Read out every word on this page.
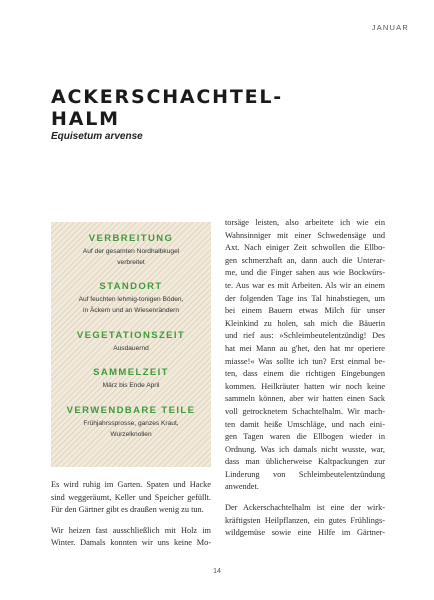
JANUAR
ACKERSCHACHTEL-
HALM
Equisetum arvense
VERBREITUNG
Auf der gesamten Nordhalbkugel
verbreitet
STANDORT
Auf feuchten lehmig-tonigen Böden,
in Äckern und an Wiesenrändern
VEGETATIONSZEIT
Ausdauernd
SAMMELZEIT
März bis Ende April
VERWENDBARE TEILE
Frühjahrssprosse, ganzes Kraut,
Wurzelknollen

Es wird ruhig im Garten. Spaten und Hacke
sind weggeräumt, Keller und Speicher gefüllt.
Für den Gärtner gibt es draußen wenig zu tun.

Wir heizen fast ausschließlich mit Holz im
Winter. Damals konnten wir uns keine Mo-

torsäge leisten, also arbeitete ich wie ein
Wahnsinniger mit einer Schwedensäge und
Axt. Nach einiger Zeit schwollen die Ellbo-
gen schmerzhaft an, dann auch die Unterar-
me, und die Finger sahen aus wie Bockwürs-
te. Aus war es mit Arbeiten. Als wir an einem
der folgenden Tage ins Tal hinabstiegen, um
bei einem Bauern etwas Milch für unser
Kleinkind zu holen, sah mich die Bäuerin
und rief aus: »Schleimbeutelentzündig! Des
hat mei Mann au g'het, den hat mr operiere
miasse!« Was sollte ich tun? Erst einmal be-
ten, dass einem die richtigen Eingebungen
kommen. Heilkräuter hatten wir noch keine
sammeln können, aber wir hatten einen Sack
voll getrocknetem Schachtelhalm. Wir mach-
ten damit heiße Umschläge, und nach eini-
gen Tagen waren die Ellbogen wieder in
Ordnung. Was ich damals nicht wusste, war,
dass man üblicherweise Kaltpackungen zur
Linderung von Schleimbeutelentzündung
anwendet.

Der Ackerschachtelhalm ist eine der wirk-
kräftigsten Heilpflanzen, ein gutes Frühlings-
wildgemüse sowie eine Hilfe im Gärtner-

14
